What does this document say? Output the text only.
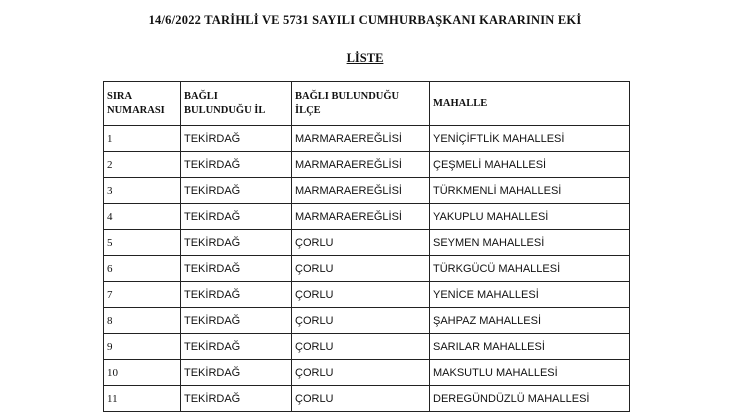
14/6/2022 TARİHLİ VE 5731 SAYILI CUMHURBAŞKANI KARARININ EKİ
LİSTE
SIRA NUMARASI	BAĞLI BULUNDUĞU İL	BAĞLI BULUNDUĞU İLÇE	MAHALLE
1	TEKİRDAĞ	MARMARAEREĞLİSİ	YENİÇİFTLİK MAHALLESİ
2	TEKİRDAĞ	MARMARAEREĞLİSİ	ÇEŞMELİ MAHALLESİ
3	TEKİRDAĞ	MARMARAEREĞLİSİ	TÜRKMENLİ MAHALLESİ
4	TEKİRDAĞ	MARMARAEREĞLİSİ	YAKUPLU MAHALLESİ
5	TEKİRDAĞ	ÇORLU	SEYMEN MAHALLESİ
6	TEKİRDAĞ	ÇORLU	TÜRKGÜCÜ MAHALLESİ
7	TEKİRDAĞ	ÇORLU	YENİCE MAHALLESİ
8	TEKİRDAĞ	ÇORLU	ŞAHPAZ MAHALLESİ
9	TEKİRDAĞ	ÇORLU	SARILAR MAHALLESİ
10	TEKİRDAĞ	ÇORLU	MAKSUTLU MAHALLESİ
11	TEKİRDAĞ	ÇORLU	DEREGÜNDÜZLÜ MAHALLESİ
